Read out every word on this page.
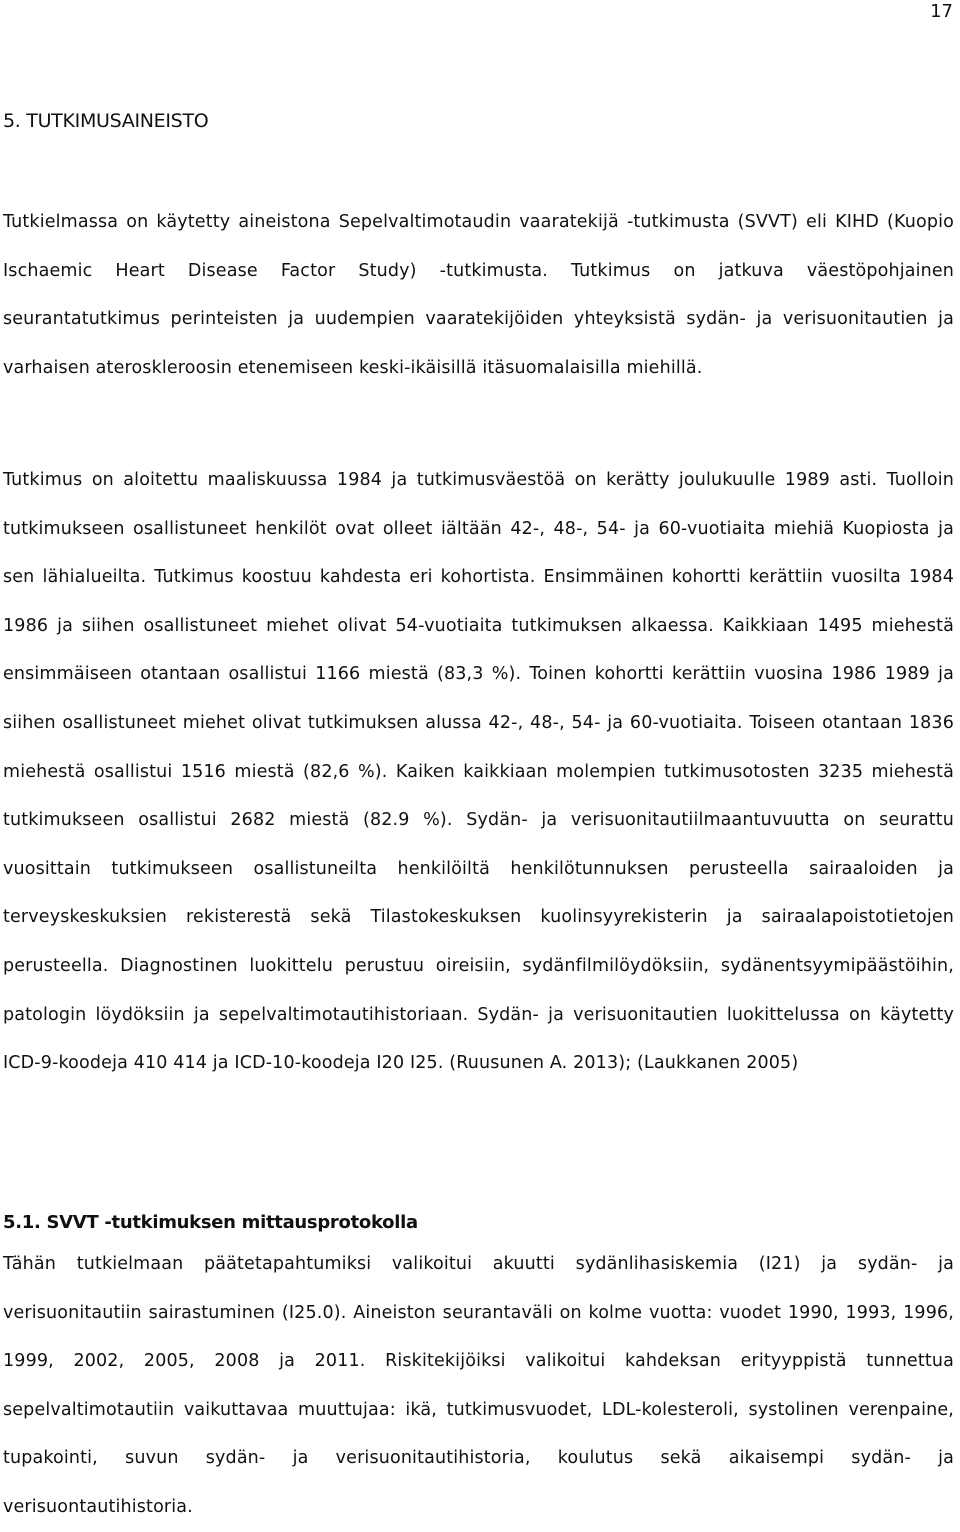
17
5. TUTKIMUSAINEISTO

Tutkielmassa on käytetty aineistona Sepelvaltimotaudin vaaratekijä -tutkimusta (SVVT) eli KIHD (Kuopio Ischaemic Heart Disease Factor Study) -tutkimusta. Tutkimus on jatkuva väestöpohjainen seurantatutkimus perinteisten ja uudempien vaaratekijöiden yhteyksistä sydän- ja verisuonitautien ja varhaisen ateroskleroosin etenemiseen keski-ikäisillä itäsuomalaisilla miehillä.

Tutkimus on aloitettu maaliskuussa 1984 ja tutkimusväestöä on kerätty joulukuulle 1989 asti. Tuolloin tutkimukseen osallistuneet henkilöt ovat olleet iältään 42-, 48-, 54- ja 60-vuotiaita miehiä Kuopiosta ja sen lähialueilta. Tutkimus koostuu kahdesta eri kohortista. Ensimmäinen kohortti kerättiin vuosilta 1984 1986 ja siihen osallistuneet miehet olivat 54-vuotiaita tutkimuksen alkaessa. Kaikkiaan 1495 miehestä ensimmäiseen otantaan osallistui 1166 miestä (83,3 %). Toinen kohortti kerättiin vuosina 1986 1989 ja siihen osallistuneet miehet olivat tutkimuksen alussa 42-, 48-, 54- ja 60-vuotiaita. Toiseen otantaan 1836 miehestä osallistui 1516 miestä (82,6 %). Kaiken kaikkiaan molempien tutkimusotosten 3235 miehestä tutkimukseen osallistui 2682 miestä (82.9 %). Sydän- ja verisuonitautiilmaantuvuutta on seurattu vuosittain tutkimukseen osallistuneilta henkilöiltä henkilötunnuksen perusteella sairaaloiden ja terveyskeskuksien rekisterestä sekä Tilastokeskuksen kuolinsyyrekisterin ja sairaalapoistotietojen perusteella. Diagnostinen luokittelu perustuu oireisiin, sydänfilmilöydöksiin, sydänentsyymipäästöihin, patologin löydöksiin ja sepelvaltimotautihistoriaan. Sydän- ja verisuonitautien luokittelussa on käytetty ICD-9-koodeja 410 414 ja ICD-10-koodeja I20 I25. (Ruusunen A. 2013); (Laukkanen 2005)

5.1. SVVT -tutkimuksen mittausprotokolla

Tähän tutkielmaan päätetapahtumiksi valikoitui akuutti sydänlihasiskemia (I21) ja sydän- ja verisuonitautiin sairastuminen (I25.0). Aineiston seurantaväli on kolme vuotta: vuodet 1990, 1993, 1996, 1999, 2002, 2005, 2008 ja 2011. Riskitekijöiksi valikoitui kahdeksan erityyppistä tunnettua sepelvaltimotautiin vaikuttavaa muuttujaa: ikä, tutkimusvuodet, LDL-kolesteroli, systolinen verenpaine, tupakointi, suvun sydän- ja verisuonitautihistoria, koulutus sekä aikaisempi sydän- ja verisuontautihistoria.
